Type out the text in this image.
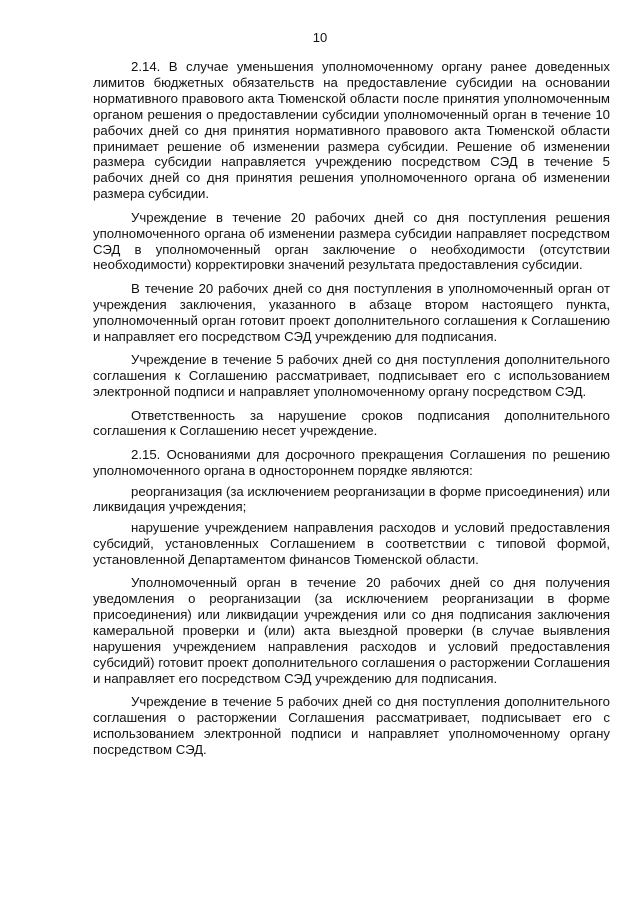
10

2.14. В случае уменьшения уполномоченному органу ранее доведенных лимитов бюджетных обязательств на предоставление субсидии на основании нормативного правового акта Тюменской области после принятия уполномоченным органом решения о предоставлении субсидии уполномоченный орган в течение 10 рабочих дней со дня принятия нормативного правового акта Тюменской области принимает решение об изменении размера субсидии. Решение об изменении размера субсидии направляется учреждению посредством СЭД в течение 5 рабочих дней со дня принятия решения уполномоченного органа об изменении размера субсидии.

Учреждение в течение 20 рабочих дней со дня поступления решения уполномоченного органа об изменении размера субсидии направляет посредством СЭД в уполномоченный орган заключение о необходимости (отсутствии необходимости) корректировки значений результата предоставления субсидии.

В течение 20 рабочих дней со дня поступления в уполномоченный орган от учреждения заключения, указанного в абзаце втором настоящего пункта, уполномоченный орган готовит проект дополнительного соглашения к Соглашению и направляет его посредством СЭД учреждению для подписания.

Учреждение в течение 5 рабочих дней со дня поступления дополнительного соглашения к Соглашению рассматривает, подписывает его с использованием электронной подписи и направляет уполномоченному органу посредством СЭД.

Ответственность за нарушение сроков подписания дополнительного соглашения к Соглашению несет учреждение.

2.15. Основаниями для досрочного прекращения Соглашения по решению уполномоченного органа в одностороннем порядке являются:

реорганизация (за исключением реорганизации в форме присоединения) или ликвидация учреждения;

нарушение учреждением направления расходов и условий предоставления субсидий, установленных Соглашением в соответствии с типовой формой, установленной Департаментом финансов Тюменской области.

Уполномоченный орган в течение 20 рабочих дней со дня получения уведомления о реорганизации (за исключением реорганизации в форме присоединения) или ликвидации учреждения или со дня подписания заключения камеральной проверки и (или) акта выездной проверки (в случае выявления нарушения учреждением направления расходов и условий предоставления субсидий) готовит проект дополнительного соглашения о расторжении Соглашения и направляет его посредством СЭД учреждению для подписания.

Учреждение в течение 5 рабочих дней со дня поступления дополнительного соглашения о расторжении Соглашения рассматривает, подписывает его с использованием электронной подписи и направляет уполномоченному органу посредством СЭД.
